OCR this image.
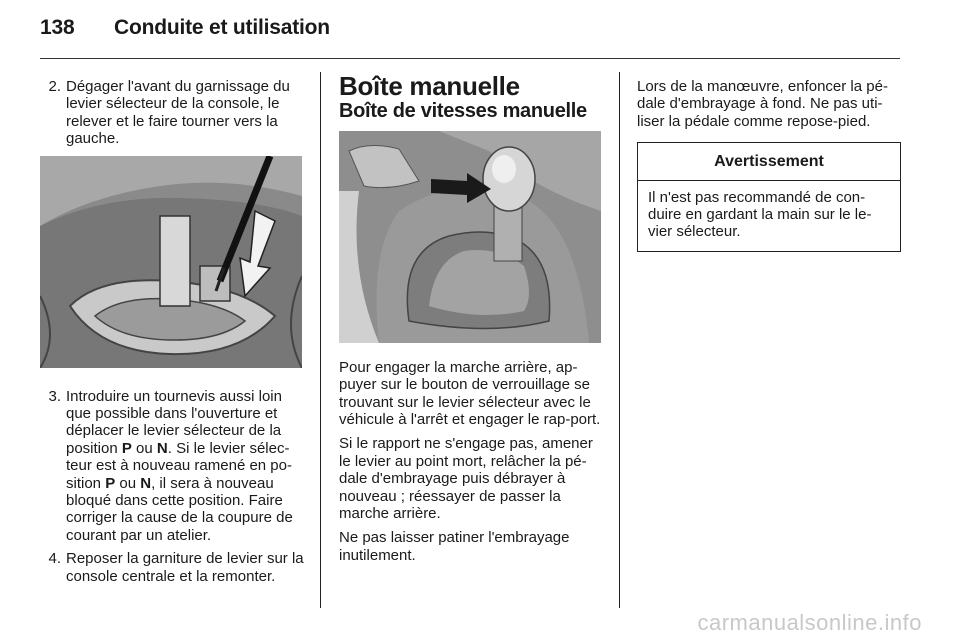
138 Conduite et utilisation
2. Dégager l'avant du garnissage du levier sélecteur de la console, le relever et le faire tourner vers la gauche.
3. Introduire un tournevis aussi loin que possible dans l'ouverture et déplacer le levier sélecteur de la position P ou N. Si le levier sélec-teur est à nouveau ramené en po-sition P ou N, il sera à nouveau bloqué dans cette position. Faire corriger la cause de la coupure de courant par un atelier.
4. Reposer la garniture de levier sur la console centrale et la remonter.
Boîte manuelle
Boîte de vitesses manuelle

Pour engager la marche arrière, ap-puyer sur le bouton de verrouillage se trouvant sur le levier sélecteur avec le véhicule à l'arrêt et engager le rap-port.

Si le rapport ne s'engage pas, amener le levier au point mort, relâcher la pé-dale d'embrayage puis débrayer à nouveau ; réessayer de passer la marche arrière.

Ne pas laisser patiner l'embrayage inutilement.

Lors de la manœuvre, enfoncer la pé-dale d'embrayage à fond. Ne pas uti-liser la pédale comme repose-pied.

Avertissement
Il n'est pas recommandé de con-duire en gardant la main sur le le-vier sélecteur.
carmanualsonline.info
